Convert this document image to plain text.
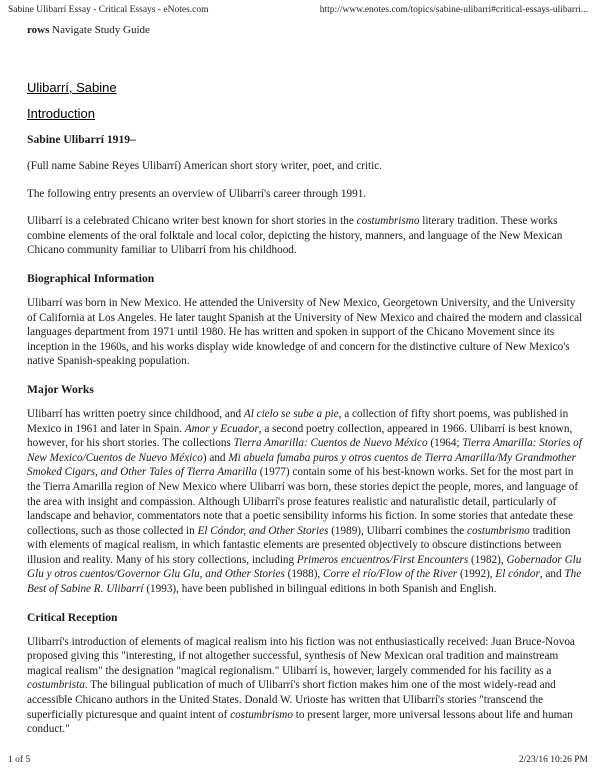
Sabine Ulibarrí Essay - Critical Essays - eNotes.com	http://www.enotes.com/topics/sabine-ulibarri#critical-essays-ulibarri...
rows Navigate Study Guide
Ulibarrí, Sabine
Introduction
Sabine Ulibarrí 1919–

(Full name Sabine Reyes Ulibarrí) American short story writer, poet, and critic.

The following entry presents an overview of Ulibarrí's career through 1991.

Ulibarrí is a celebrated Chicano writer best known for short stories in the costumbrismo literary tradition. These works combine elements of the oral folktale and local color, depicting the history, manners, and language of the New Mexican Chicano community familiar to Ulibarrí from his childhood.

Biographical Information

Ulibarrí was born in New Mexico. He attended the University of New Mexico, Georgetown University, and the University of California at Los Angeles. He later taught Spanish at the University of New Mexico and chaired the modern and classical languages department from 1971 until 1980. He has written and spoken in support of the Chicano Movement since its inception in the 1960s, and his works display wide knowledge of and concern for the distinctive culture of New Mexico's native Spanish-speaking population.

Major Works

Ulibarrí has written poetry since childhood, and Al cielo se sube a pie, a collection of fifty short poems, was published in Mexico in 1961 and later in Spain. Amor y Ecuador, a second poetry collection, appeared in 1966. Ulibarrí is best known, however, for his short stories. The collections Tierra Amarilla: Cuentos de Nuevo México (1964; Tierra Amarilla: Stories of New Mexico/Cuentos de Nuevo México) and Mi abuela fumaba puros y otros cuentos de Tierra Amarilla/My Grandmother Smoked Cigars, and Other Tales of Tierra Amarilla (1977) contain some of his best-known works. Set for the most part in the Tierra Amarilla region of New Mexico where Ulibarrí was born, these stories depict the people, mores, and language of the area with insight and compassion. Although Ulibarrí's prose features realistic and naturalistic detail, particularly of landscape and behavior, commentators note that a poetic sensibility informs his fiction. In some stories that antedate these collections, such as those collected in El Cóndor, and Other Stories (1989), Ulibarrí combines the costumbrismo tradition with elements of magical realism, in which fantastic elements are presented objectively to obscure distinctions between illusion and reality. Many of his story collections, including Primeros encuentros/First Encounters (1982), Gobernador Glu Glu y otros cuentos/Governor Glu Glu, and Other Stories (1988), Corre el río/Flow of the River (1992), El cóndor, and The Best of Sabine R. Ulibarrí (1993), have been published in bilingual editions in both Spanish and English.

Critical Reception

Ulibarrí's introduction of elements of magical realism into his fiction was not enthusiastically received: Juan Bruce-Novoa proposed giving this "interesting, if not altogether successful, synthesis of New Mexican oral tradition and mainstream magical realism" the designation "magical regionalism." Ulibarrí is, however, largely commended for his facility as a costumbrista. The bilingual publication of much of Ulibarrí's short fiction makes him one of the most widely-read and accessible Chicano authors in the United States. Donald W. Urioste has written that Ulibarrí's stories "transcend the superficially picturesque and quaint intent of costumbrismo to present larger, more universal lessons about life and human conduct."

1 of 5	2/23/16 10:26 PM
